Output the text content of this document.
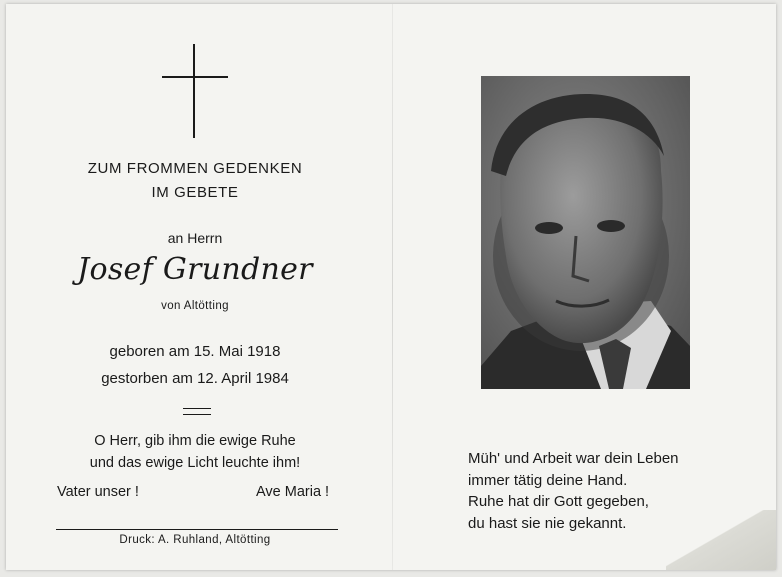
ZUM FROMMEN GEDENKEN
IM GEBETE
an Herrn
Josef Grundner
von Altötting
geboren am 15. Mai 1918
gestorben am 12. April 1984
O Herr, gib ihm die ewige Ruhe
und das ewige Licht leuchte ihm!
Vater unser !	Ave Maria !
Druck: A. Ruhland, Altötting
Müh' und Arbeit war dein Leben
immer tätig deine Hand.
Ruhe hat dir Gott gegeben,
du hast sie nie gekannt.
